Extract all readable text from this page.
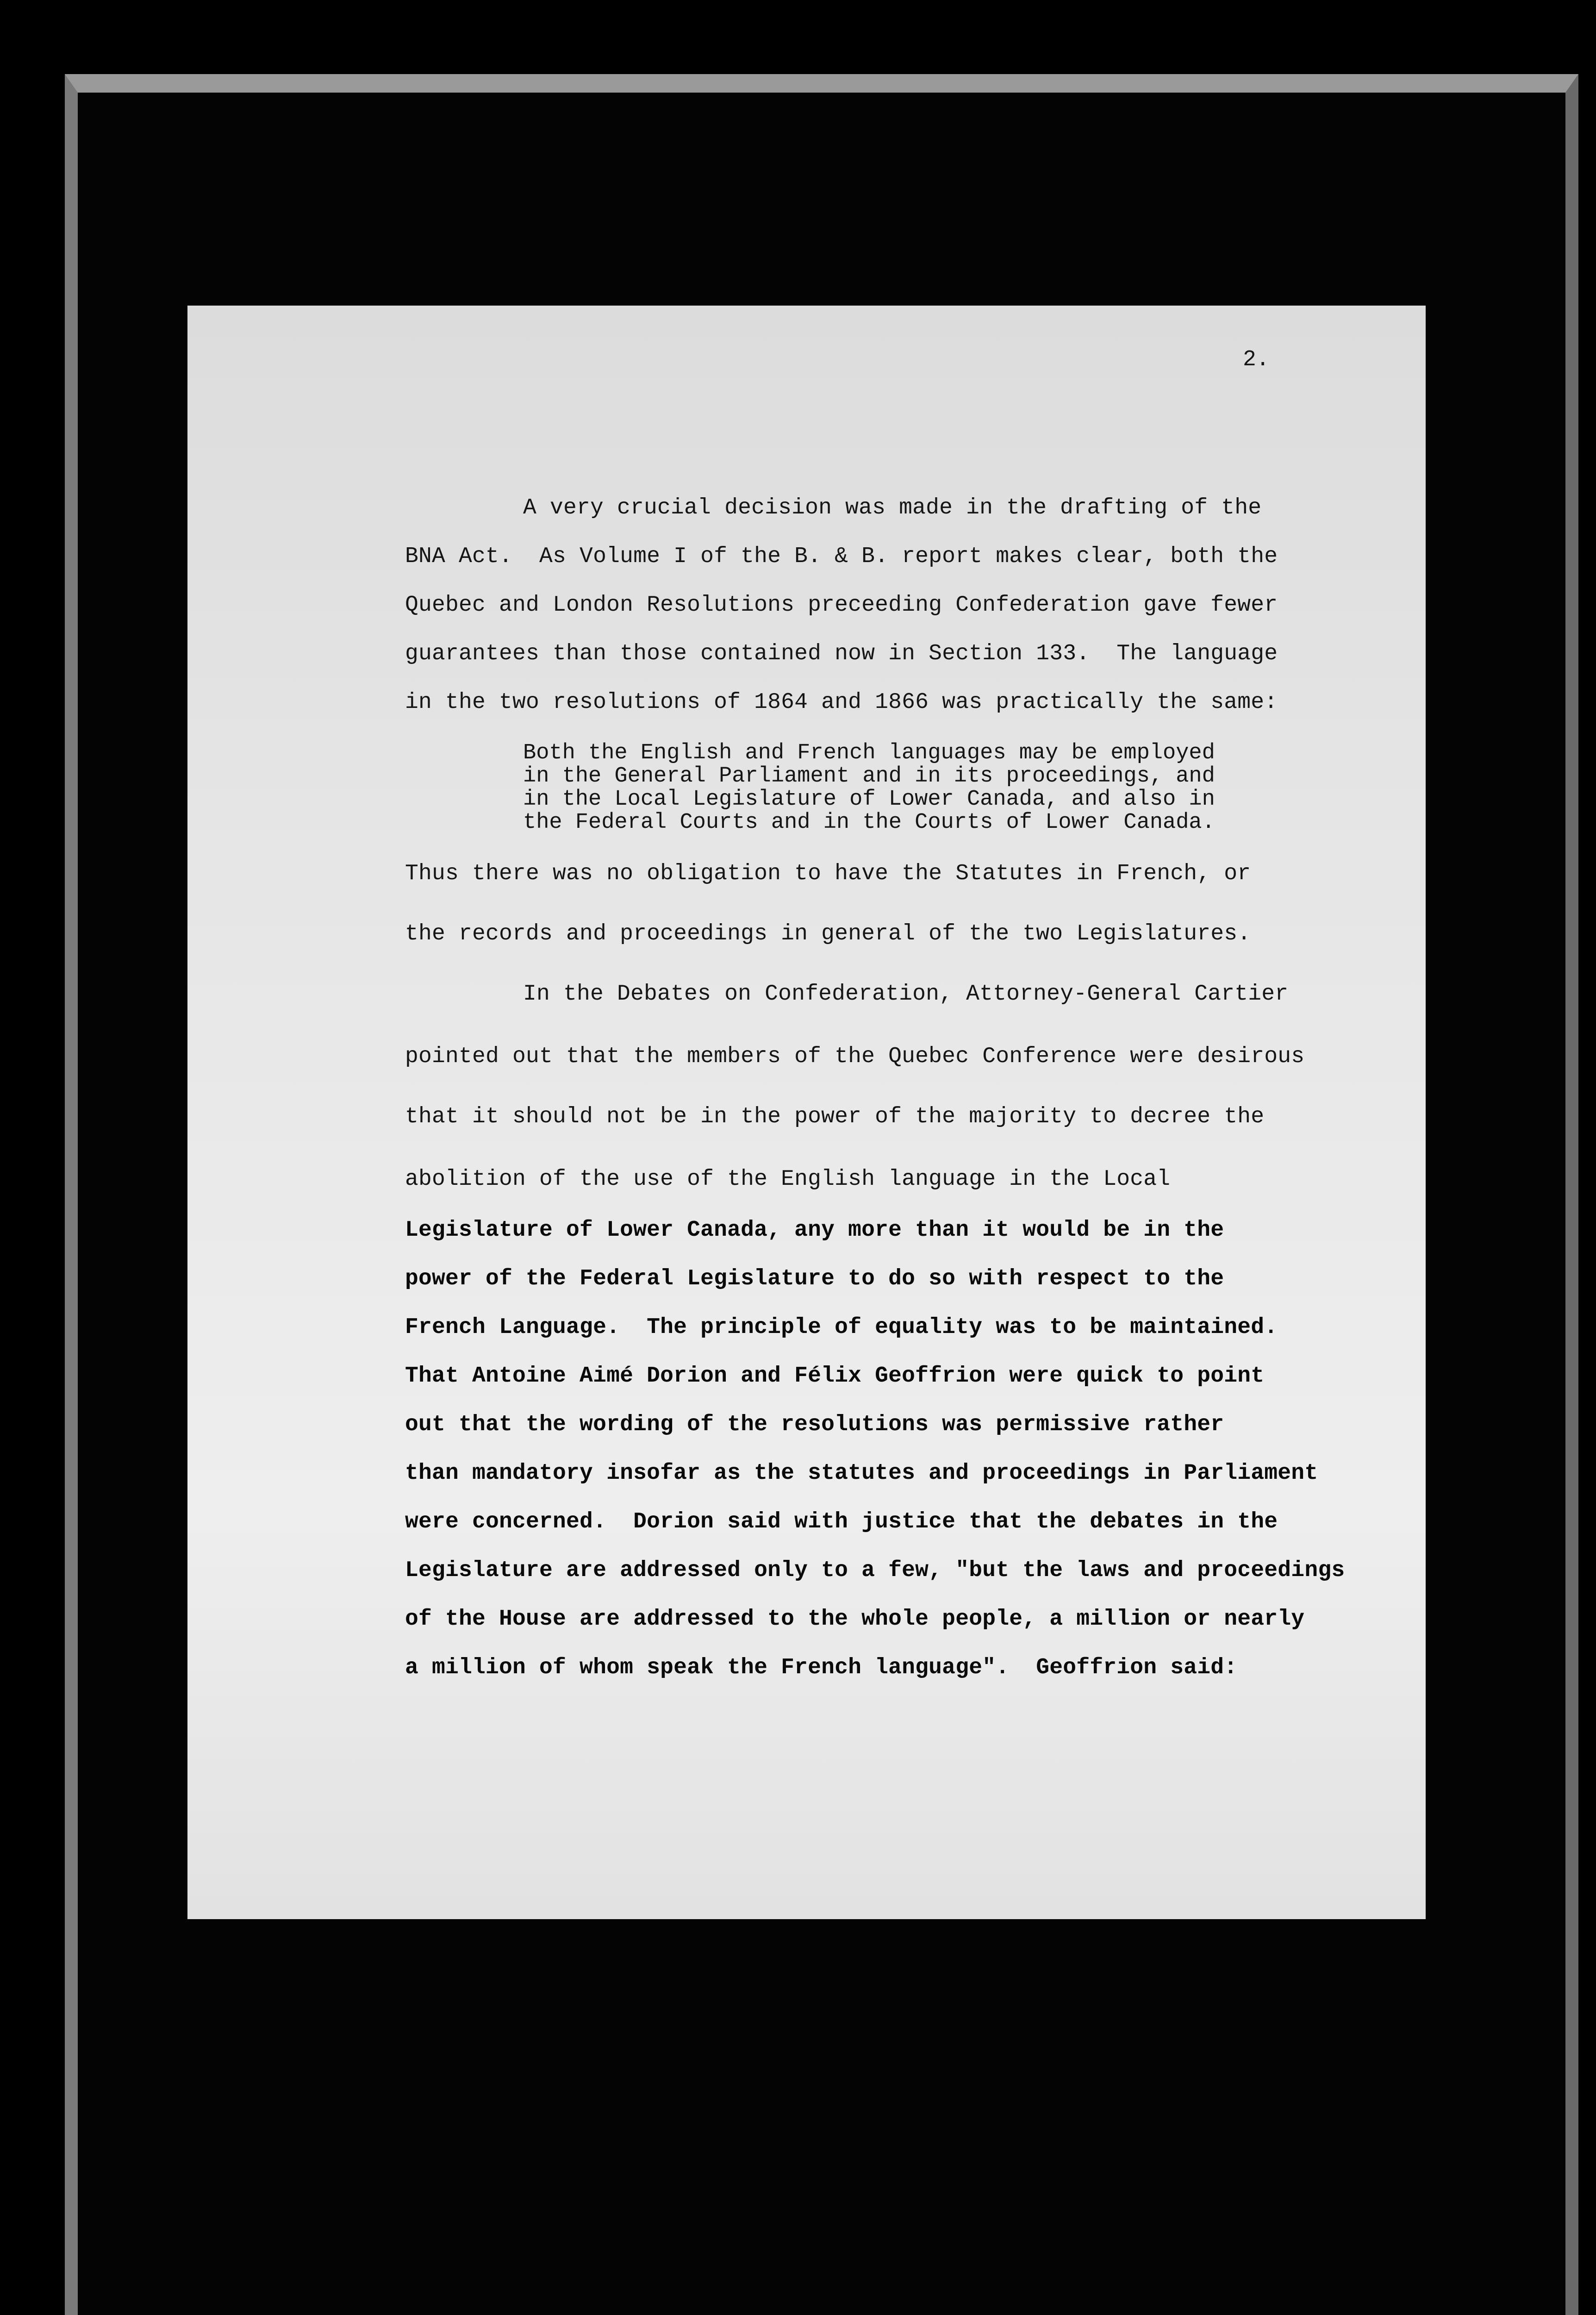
2.
A very crucial decision was made in the drafting of the
BNA Act.  As Volume I of the B. & B. report makes clear, both the
Quebec and London Resolutions preceeding Confederation gave fewer
guarantees than those contained now in Section 133.  The language
in the two resolutions of 1864 and 1866 was practically the same:
Both the English and French languages may be employed
in the General Parliament and in its proceedings, and
in the Local Legislature of Lower Canada, and also in
the Federal Courts and in the Courts of Lower Canada.
Thus there was no obligation to have the Statutes in French, or
the records and proceedings in general of the two Legislatures.
In the Debates on Confederation, Attorney-General Cartier
pointed out that the members of the Quebec Conference were desirous
that it should not be in the power of the majority to decree the
abolition of the use of the English language in the Local
Legislature of Lower Canada, any more than it would be in the
power of the Federal Legislature to do so with respect to the
French Language.  The principle of equality was to be maintained.
That Antoine Aimé Dorion and Félix Geoffrion were quick to point
out that the wording of the resolutions was permissive rather
than mandatory insofar as the statutes and proceedings in Parliament
were concerned.  Dorion said with justice that the debates in the
Legislature are addressed only to a few, "but the laws and proceedings
of the House are addressed to the whole people, a million or nearly
a million of whom speak the French language".  Geoffrion said:
